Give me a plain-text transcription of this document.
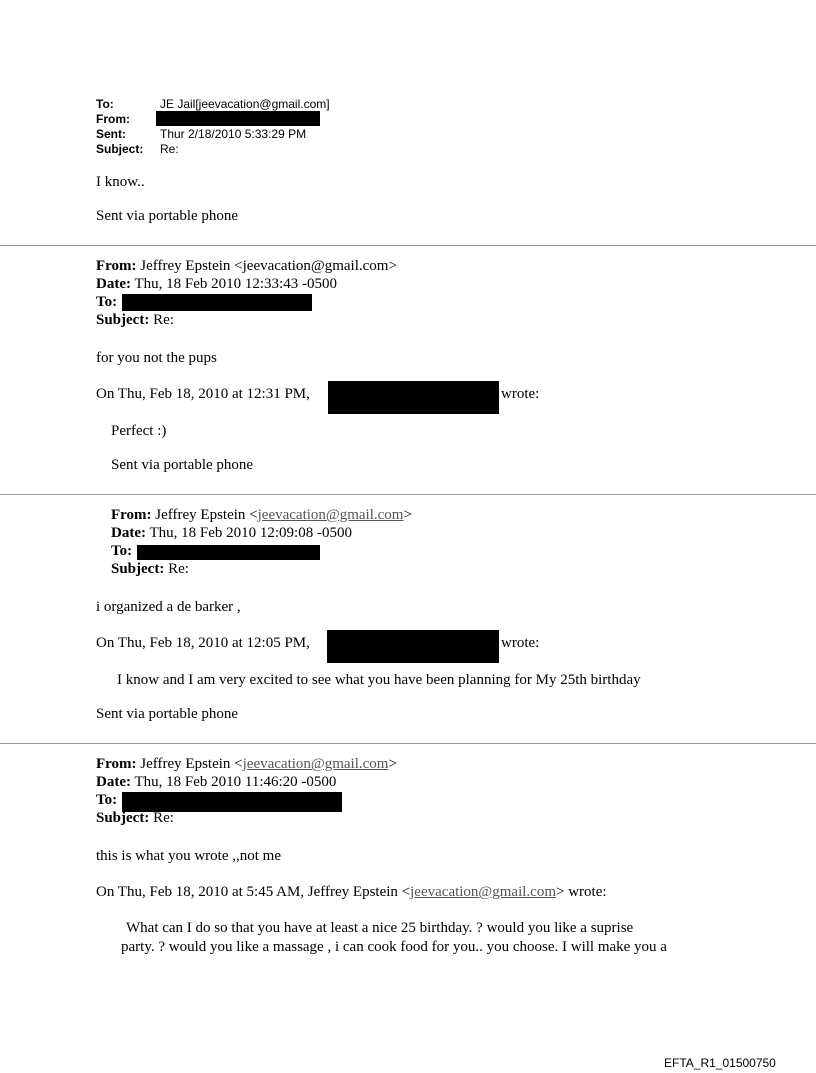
To:	JE Jail[jeevacation@gmail.com]
From:
Sent:	Thur 2/18/2010 5:33:29 PM
Subject: Re:
I know..
Sent via portable phone
From: Jeffrey Epstein <jeevacation@gmail.com>
Date: Thu, 18 Feb 2010 12:33:43 -0500
To:
Subject: Re:
for you not the pups
On Thu, Feb 18, 2010 at 12:31 PM,	wrote:
Perfect :)
Sent via portable phone
From: Jeffrey Epstein <jeevacation@gmail.com>
Date: Thu, 18 Feb 2010 12:09:08 -0500
To:
Subject: Re:
i organized a de barker ,
On Thu, Feb 18, 2010 at 12:05 PM,	wrote:
I know and I am very excited to see what you have been planning for My 25th birthday
Sent via portable phone
From: Jeffrey Epstein <jeevacation@gmail.com>
Date: Thu, 18 Feb 2010 11:46:20 -0500
To:
Subject: Re:
this is what you wrote ,,not me
On Thu, Feb 18, 2010 at 5:45 AM, Jeffrey Epstein <jeevacation@gmail.com> wrote:
What can I do so that you have at least a nice 25 birthday. ? would you like a suprise
party. ? would you like a massage , i can cook food for you.. you choose. I will make you a
EFTA_R1_01500750
